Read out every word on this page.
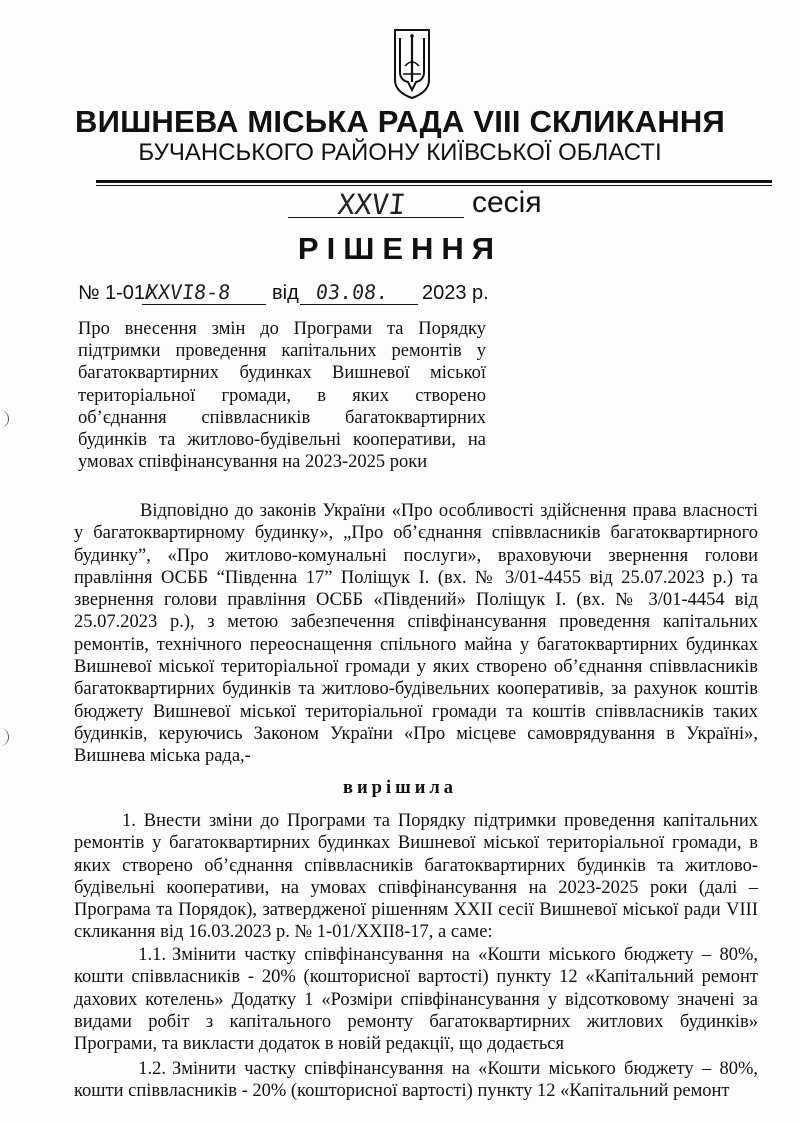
ВИШНЕВА МІСЬКА РАДА VIII СКЛИКАННЯ
БУЧАНСЬКОГО РАЙОНУ КИЇВСЬКОЇ ОБЛАСТІ
XXVI сесія
РІШЕННЯ
№ 1-01/
XXVI8-8 від 03.08. 2023 р.
Про внесення змін до Програми та Порядку підтримки проведення капітальних ремонтів у багатоквартирних будинках Вишневої міської територіальної громади, в яких створено об’єднання співвласників багатоквартирних будинків та житлово-будівельні кооперативи, на умовах співфінансування на 2023-2025 роки

Відповідно до законів України «Про особливості здійснення права власності у багатоквартирному будинку», „Про об’єднання співвласників багатоквартирного будинку”, «Про житлово-комунальні послуги», враховуючи звернення голови правління ОСББ “Південна 17” Поліщук І. (вх. № 3/01-4455 від 25.07.2023 р.) та звернення голови правління ОСББ «Південий» Поліщук І. (вх. № 3/01-4454 від 25.07.2023 р.), з метою забезпечення співфінансування проведення капітальних ремонтів, технічного переоснащення спільного майна у багатоквартирних будинках Вишневої міської територіальної громади у яких створено об’єднання співвласників багатоквартирних будинків та житлово-будівельних кооперативів, за рахунок коштів бюджету Вишневої міської територіальної громади та коштів співвласників таких будинків, керуючись Законом України «Про місцеве самоврядування в Україні», Вишнева міська рада,-

вирішила

1. Внести зміни до Програми та Порядку підтримки проведення капітальних ремонтів у багатоквартирних будинках Вишневої міської територіальної громади, в яких створено об’єднання співвласників багатоквартирних будинків та житлово-будівельні кооперативи, на умовах співфінансування на 2023-2025 роки (далі – Програма та Порядок), затвердженої рішенням XXII сесії Вишневої міської ради VIII скликання від 16.03.2023 р. № 1-01/XXII8-17, а саме:

1.1. Змінити частку співфінансування на «Кошти міського бюджету – 80%, кошти співвласників - 20% (кошторисної вартості) пункту 12 «Капітальний ремонт дахових котелень» Додатку 1 «Розміри співфінансування у відсотковому значені за видами робіт з капітального ремонту багатоквартирних житлових будинків» Програми, та викласти додаток в новій редакції, що додається

1.2. Змінити частку співфінансування на «Кошти міського бюджету – 80%, кошти співвласників - 20% (кошторисної вартості) пункту 12 «Капітальний ремонт
